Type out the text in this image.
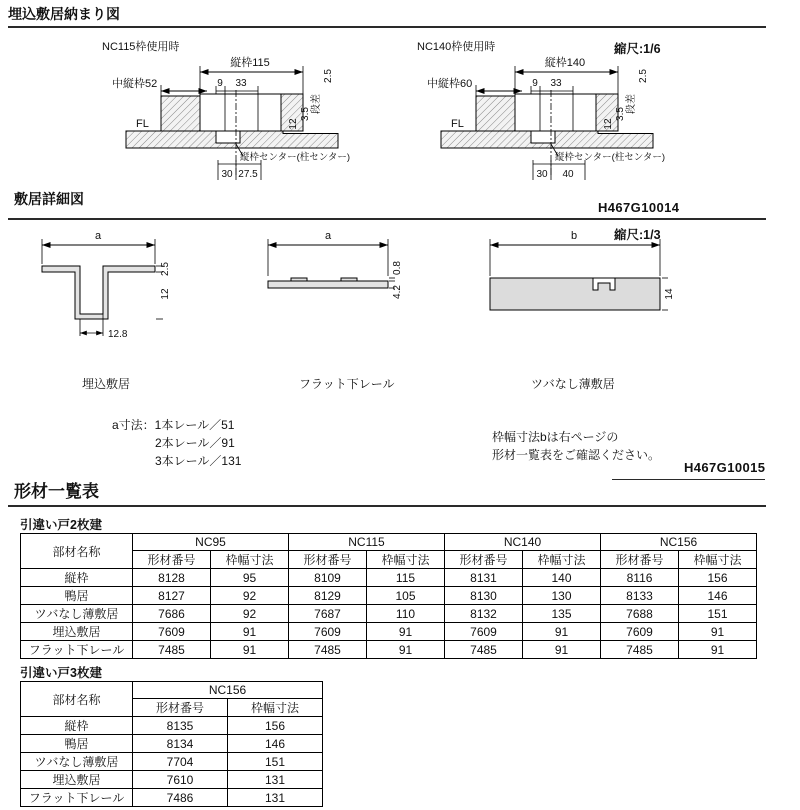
埋込敷居納まり図
縮尺:1/6
NC115枠使用時
縦枠115
中縦枠52	9 33
FL
2.5
段差
3.5
12
縦枠センター(柱センター)
30 27.5
NC140枠使用時
縦枠140
中縦枠60	9 33
FL
2.5
段差
3.5
12
縦枠センター(柱センター)
30 40
敷居詳細図
H467G10014
縮尺:1/3
a
2.5
12
12.8
a
0.8
4.2
b
14
埋込敷居	フラット下レール	ツバなし薄敷居
a寸法：1本レール／51
2本レール／91
3本レール／131
枠幅寸法bは右ページの
形材一覧表をご確認ください。
H467G10015
形材一覧表
引違い戸2枚建
部材名称	NC95		NC115		NC140		NC156	
	形材番号	枠幅寸法	形材番号	枠幅寸法	形材番号	枠幅寸法	形材番号	枠幅寸法
縦枠	8128	95	8109	115	8131	140	8116	156
鴨居	8127	92	8129	105	8130	130	8133	146
ツバなし薄敷居	7686	92	7687	110	8132	135	7688	151
埋込敷居	7609	91	7609	91	7609	91	7609	91
フラット下レール	7485	91	7485	91	7485	91	7485	91
引違い戸3枚建
部材名称	NC156	
	形材番号	枠幅寸法
縦枠	8135	156
鴨居	8134	146
ツバなし薄敷居	7704	151
埋込敷居	7610	131
フラット下レール	7486	131
